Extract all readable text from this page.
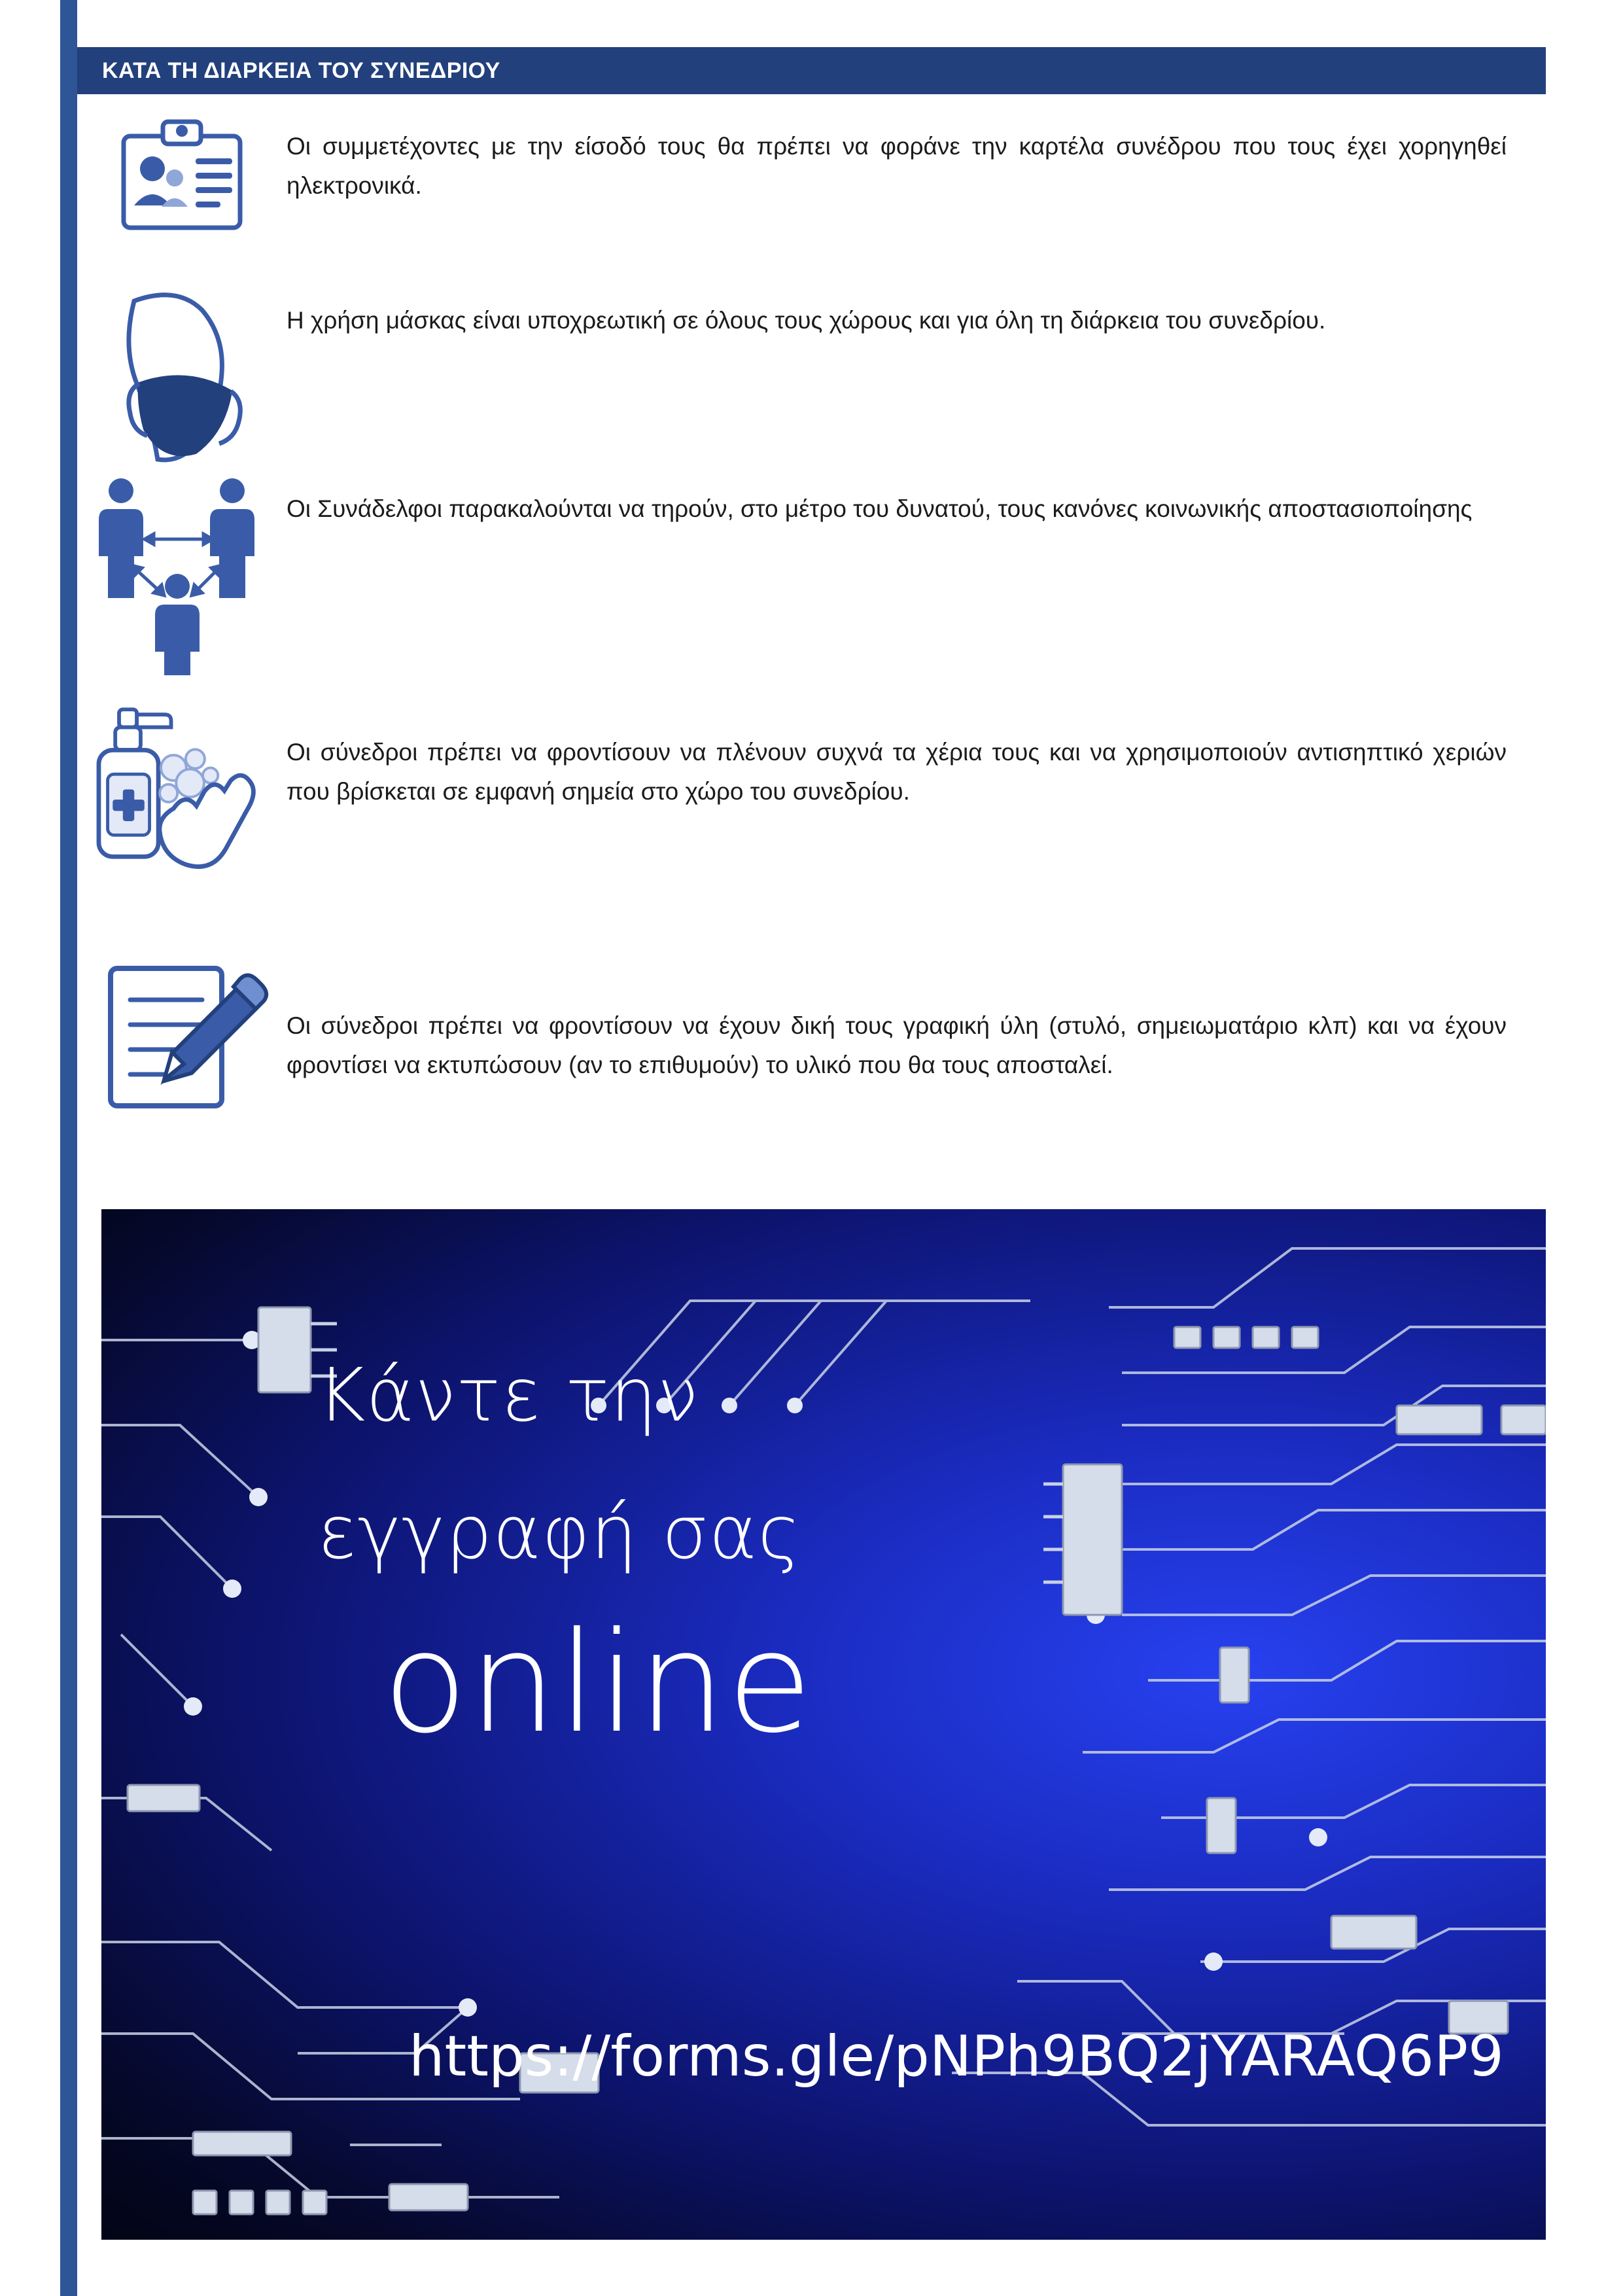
ΚΑΤΑ ΤΗ ΔΙΑΡΚΕΙΑ ΤΟΥ ΣΥΝΕΔΡΙΟΥ
Οι συμμετέχοντες με την είσοδό τους θα πρέπει να φοράνε την καρτέλα συνέδρου που τους έχει χορηγηθεί ηλεκτρονικά.
Η χρήση μάσκας είναι υποχρεωτική σε όλους τους χώρους και για όλη τη διάρκεια του συνεδρίου.
Οι Συνάδελφοι παρακαλούνται να τηρούν, στο μέτρο του δυνατού, τους κανόνες κοινωνικής αποστασιοποίησης
Οι σύνεδροι πρέπει να φροντίσουν να πλένουν συχνά τα χέρια τους και να χρησιμοποιούν αντισηπτικό χεριών που βρίσκεται σε εμφανή σημεία στο χώρο του συνεδρίου.
Οι σύνεδροι πρέπει να φροντίσουν να έχουν δική τους γραφική ύλη (στυλό, σημειωματάριο κλπ) και να έχουν φροντίσει να εκτυπώσουν (αν το επιθυμούν) το υλικό που θα τους αποσταλεί.
Κάντε την
εγγραφή σας
online
https://forms.gle/pNPh9BQ2jYARAQ6P9
